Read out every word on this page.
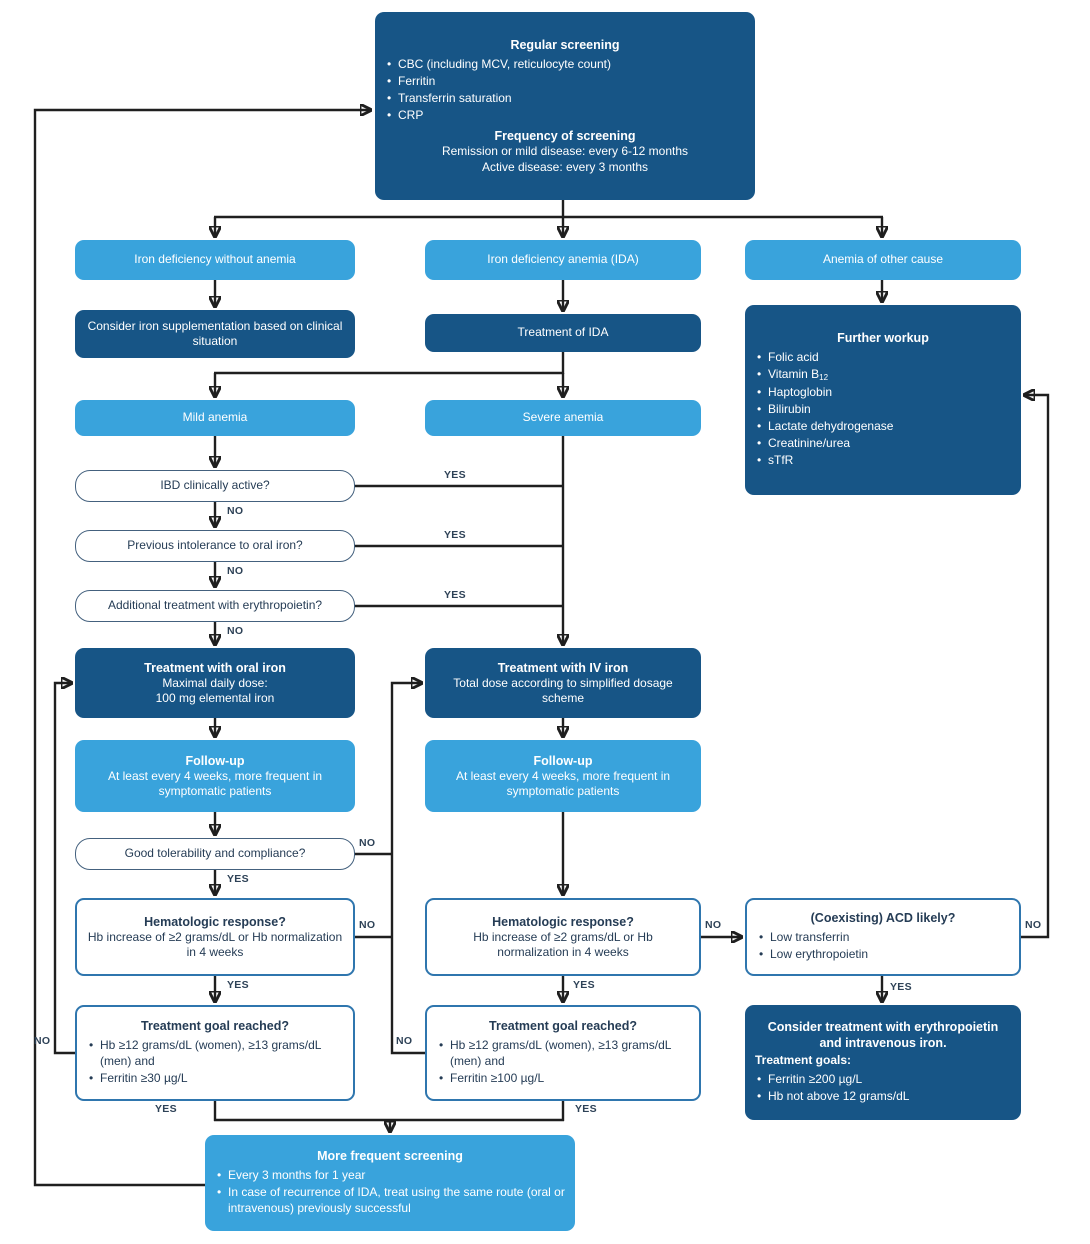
Regular screening
• CBC (including MCV, reticulocyte count)
• Ferritin
• Transferrin saturation
• CRP
Frequency of screening
Remission or mild disease: every 6-12 months
Active disease: every 3 months
Iron deficiency without anemia	Iron deficiency anemia (IDA)	Anemia of other cause
Consider iron supplementation based on clinical situation
Treatment of IDA	Further workup
• Folic acid
• Vitamin $B_{12}$
• Haptoglobin
• Bilirubin
• Lactate dehydrogenase
• Creatinine/urea
• sTfR
Mild anemia	Severe anemia
IBD clinically active?
Previous intolerance to oral iron?
Additional treatment with erythropoietin?
Treatment with oral iron
Maximal daily dose:
100 mg elemental iron
Treatment with IV iron
Total dose according to simplified dosage scheme
Follow-up
At least every 4 weeks, more frequent in symptomatic patients
Follow-up
At least every 4 weeks, more frequent in symptomatic patients
Good tolerability and compliance?
Hematologic response?
Hb increase of ≥2 grams/dL or Hb normalization in 4 weeks
Hematologic response?
Hb increase of ≥2 grams/dL or Hb normalization in 4 weeks
(Coexisting) ACD likely?
• Low transferrin
• Low erythropoietin
Treatment goal reached?
• Hb ≥12 grams/dL (women), ≥13 grams/dL (men) and
• Ferritin ≥30 µg/L
Treatment goal reached?
• Hb ≥12 grams/dL (women), ≥13 grams/dL (men) and
• Ferritin ≥100 µg/L
Consider treatment with erythropoietin and intravenous iron.
Treatment goals:
• Ferritin ≥200 µg/L
• Hb not above 12 grams/dL
More frequent screening
• Every 3 months for 1 year
• In case of recurrence of IDA, treat using the same route (oral or intravenous) previously successful
YES
NO
YES
NO
YES
NO
NO
YES
NO
YES
NO
YES
NO
YES
NO	NO
YES	YES
